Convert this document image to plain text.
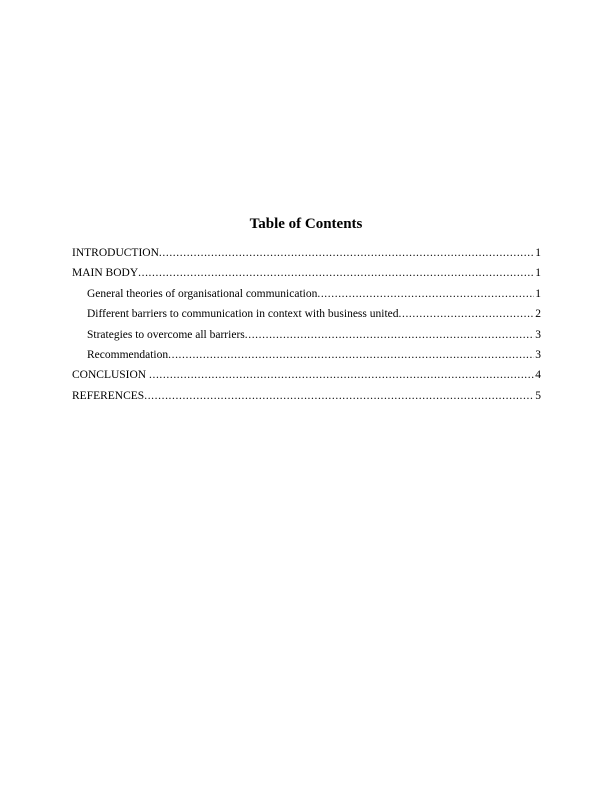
Table of Contents
INTRODUCTION .....	1
MAIN BODY .....	1
General theories of organisational communication .....	1
Different barriers to communication in context with business united .....	2
Strategies to overcome all barriers .....	3
Recommendation .....	3
CONCLUSION .....	4
REFERENCES .....	5
